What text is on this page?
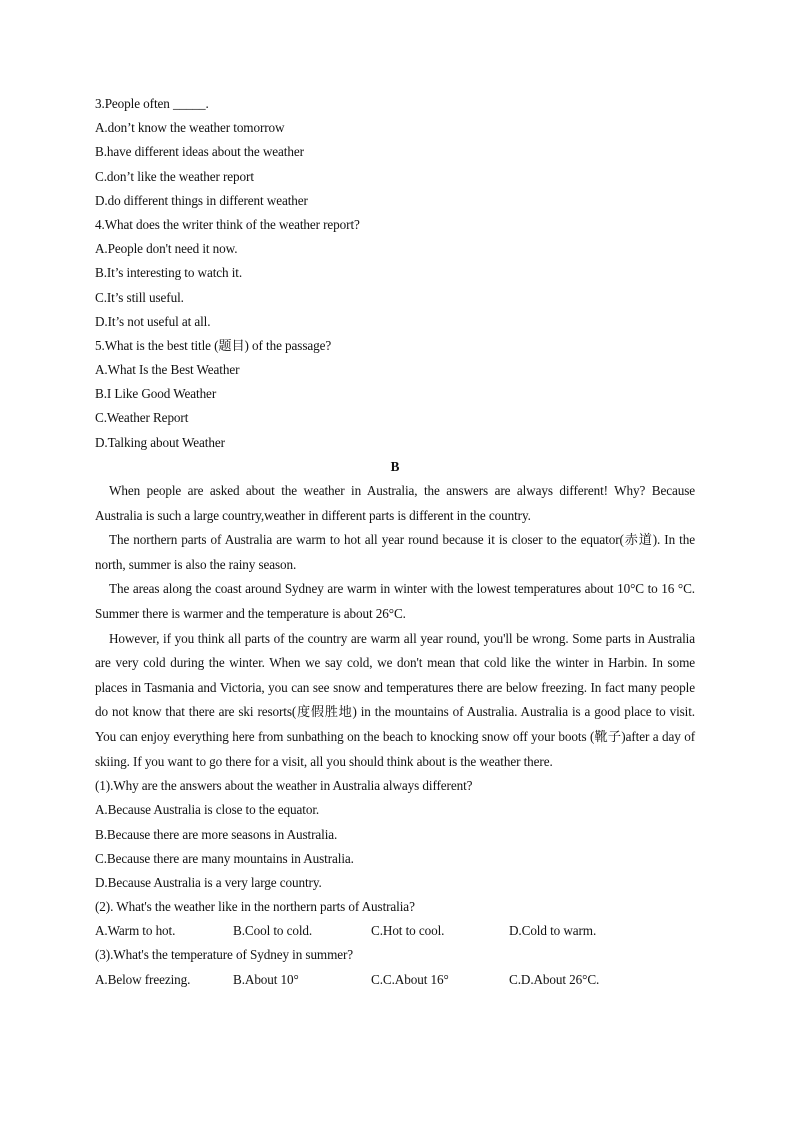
3.People often _____.
A.don’t know the weather tomorrow
B.have different ideas about the weather
C.don’t like the weather report
D.do different things in different weather
4.What does the writer think of the weather report?
A.People don't need it now.
B.It’s interesting to watch it.
C.It’s still useful.
D.It’s not useful at all.
5.What is the best title (题目) of the passage?
A.What Is the Best Weather
B.I Like Good Weather
C.Weather Report
D.Talking about Weather
B
When people are asked about the weather in Australia, the answers are always different! Why? Because Australia is such a large country,weather in different parts is different in the country.
The northern parts of Australia are warm to hot all year round because it is closer to the equator(赤道). In the north, summer is also the rainy season.
The areas along the coast around Sydney are warm in winter with the lowest temperatures about 10°C to 16 °C. Summer there is warmer and the temperature is about 26°C.
However, if you think all parts of the country are warm all year round, you'll be wrong. Some parts in Australia are very cold during the winter. When we say cold, we don't mean that cold like the winter in Harbin. In some places in Tasmania and Victoria, you can see snow and temperatures there are below freezing. In fact many people do not know that there are ski resorts(度假胜地) in the mountains of Australia. Australia is a good place to visit. You can enjoy everything here from sunbathing on the beach to knocking snow off your boots (靴子)after a day of skiing. If you want to go there for a visit, all you should think about is the weather there.
(1).Why are the answers about the weather in Australia always different?
A.Because Australia is close to the equator.
B.Because there are more seasons in Australia.
C.Because there are many mountains in Australia.
D.Because Australia is a very large country.
(2). What's the weather like in the northern parts of Australia?
A.Warm to hot.	B.Cool to cold.	C.Hot to cool.	D.Cold to warm.
(3).What's the temperature of Sydney in summer?
A.Below freezing.	B.About 10°	C.C.About 16°	C.D.About 26°C.
